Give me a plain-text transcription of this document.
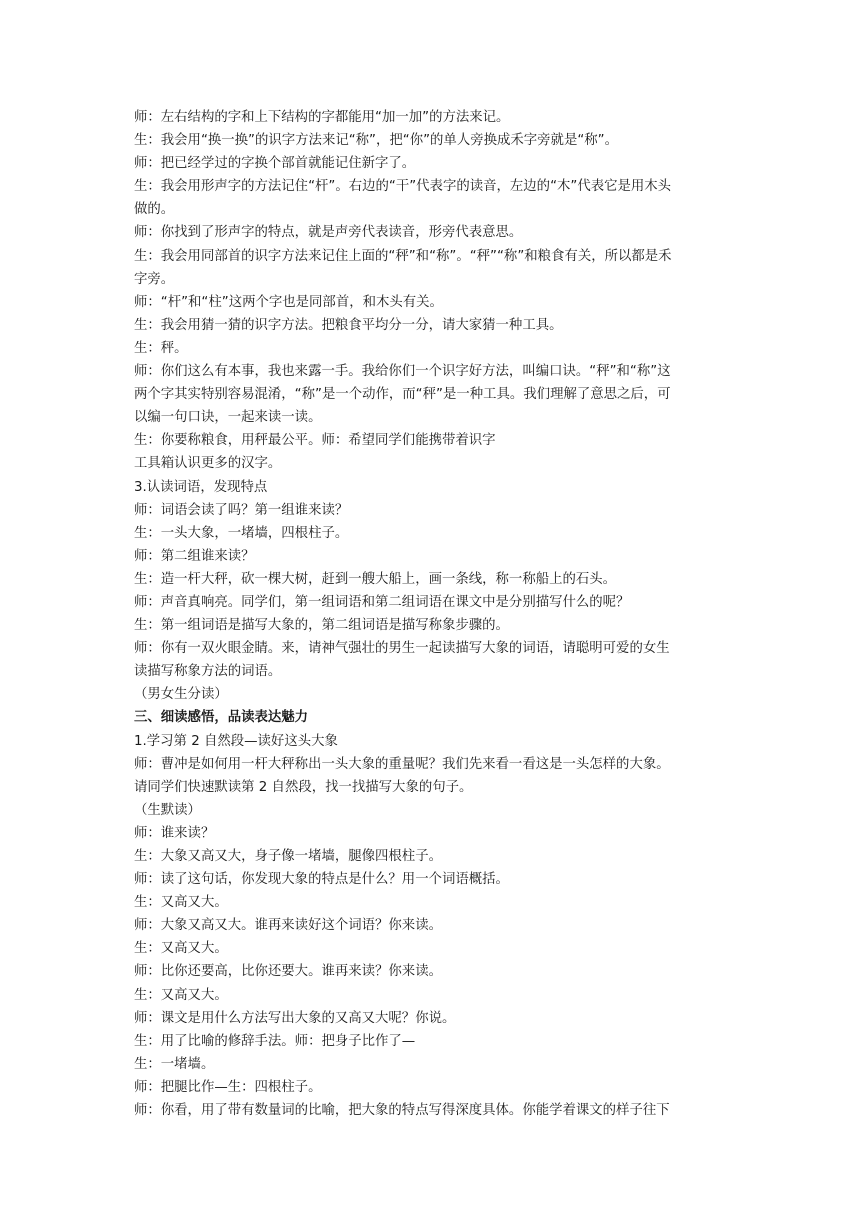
师：左右结构的字和上下结构的字都能用“加一加”的方法来记。
生：我会用“换一换”的识字方法来记“称”，把“你”的单人旁换成禾字旁就是“称”。
师：把已经学过的字换个部首就能记住新字了。
生：我会用形声字的方法记住“杆”。右边的“干”代表字的读音，左边的“木”代表它是用木头
做的。
师：你找到了形声字的特点，就是声旁代表读音，形旁代表意思。
生：我会用同部首的识字方法来记住上面的“秤”和“称”。“秤”“称”和粮食有关，所以都是禾
字旁。
师：“杆”和“柱”这两个字也是同部首，和木头有关。
生：我会用猜一猜的识字方法。把粮食平均分一分，请大家猜一种工具。
生：秤。
师：你们这么有本事，我也来露一手。我给你们一个识字好方法，叫编口诀。“秤”和“称”这
两个字其实特别容易混淆，“称”是一个动作，而“秤”是一种工具。我们理解了意思之后，可
以编一句口诀，一起来读一读。
生：你要称粮食，用秤最公平。师：希望同学们能携带着识字
工具箱认识更多的汉字。
3.认读词语，发现特点
师：词语会读了吗？第一组谁来读？
生：一头大象，一堵墙，四根柱子。
师：第二组谁来读？
生：造一杆大秤，砍一棵大树，赶到一艘大船上，画一条线，称一称船上的石头。
师：声音真响亮。同学们，第一组词语和第二组词语在课文中是分别描写什么的呢？
生：第一组词语是描写大象的，第二组词语是描写称象步骤的。
师：你有一双火眼金睛。来，请神气强壮的男生一起读描写大象的词语，请聪明可爱的女生
读描写称象方法的词语。
（男女生分读）
三、细读感悟，品读表达魅力
1.学习第 2 自然段—读好这头大象
师：曹冲是如何用一杆大秤称出一头大象的重量呢？我们先来看一看这是一头怎样的大象。
请同学们快速默读第 2 自然段，找一找描写大象的句子。
（生默读）
师：谁来读？
生：大象又高又大，身子像一堵墙，腿像四根柱子。
师：读了这句话，你发现大象的特点是什么？用一个词语概括。
生：又高又大。
师：大象又高又大。谁再来读好这个词语？你来读。
生：又高又大。
师：比你还要高，比你还要大。谁再来读？你来读。
生：又高又大。
师：课文是用什么方法写出大象的又高又大呢？你说。
生：用了比喻的修辞手法。师：把身子比作了—
生：一堵墙。
师：把腿比作—生：四根柱子。
师：你看，用了带有数量词的比喻，把大象的特点写得深度具体。你能学着课文的样子往下
